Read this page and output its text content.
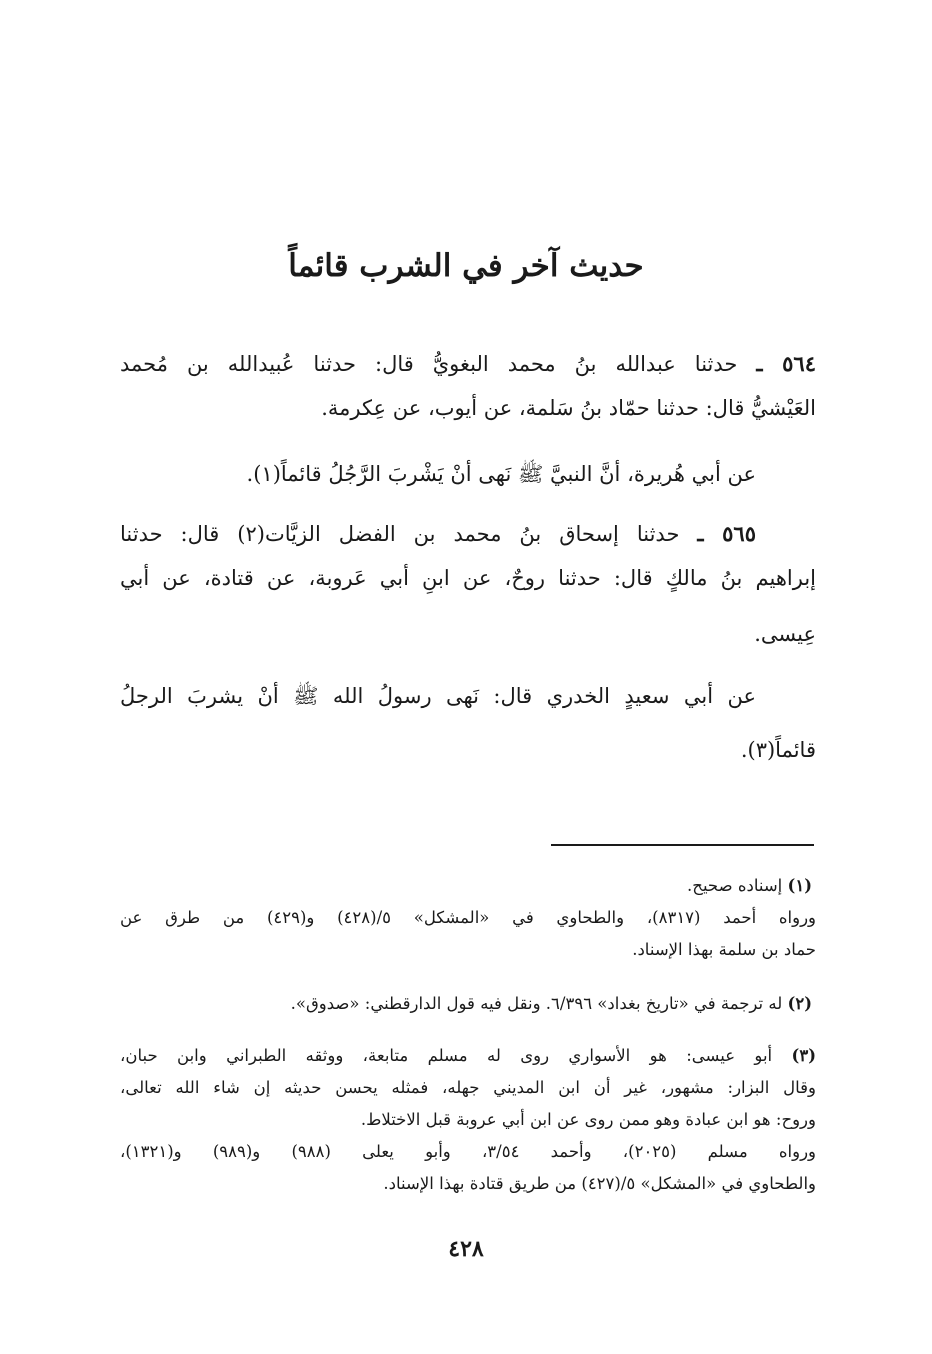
حديث آخر في الشرب قائماً
٥٦٤ ـ حدثنا عبدالله بنُ محمد البغويُّ قال: حدثنا عُبيدالله بن مُحمد
العَيْشيُّ قال: حدثنا حمّاد بنُ سَلمة، عن أيوب، عن عِكرمة.
عن أبي هُريرة، أنَّ النبيَّ ﷺ نَهى أنْ يَشْربَ الرَّجُلُ قائماً(١).
٥٦٥ ـ حدثنا إسحاق بنُ محمد بن الفضل الزيَّات(٢) قال: حدثنا
إبراهيم بنُ مالكٍ قال: حدثنا روحٌ، عن ابنِ أبي عَروبة، عن قتادة، عن أبي
عِيسى.
عن أبي سعيدٍ الخدري قال: نَهى رسولُ الله ﷺ أنْ يشربَ الرجلُ
قائماً(٣).
(١) إسناده صحيح.
ورواه أحمد (٨٣١٧)، والطحاوي في «المشكل» ٥/(٤٢٨) و(٤٢٩) من طرق عن
حماد بن سلمة بهذا الإسناد.
(٢) له ترجمة في «تاريخ بغداد» ٦/٣٩٦. ونقل فيه قول الدارقطني: «صدوق».
(٣) أبو عيسى: هو الأسواري روى له مسلم متابعة، ووثقه الطبراني وابن حبان،
وقال البزار: مشهور، غير أن ابن المديني جهله، فمثله يحسن حديثه إن شاء الله تعالى،
وروح: هو ابن عبادة وهو ممن روى عن ابن أبي عروبة قبل الاختلاط.
ورواه مسلم (٢٠٢٥)، وأحمد ٣/٥٤، وأبو يعلى (٩٨٨) و(٩٨٩) و(١٣٢١)،
والطحاوي في «المشكل» ٥/(٤٢٧) من طريق قتادة بهذا الإسناد.
٤٢٨
